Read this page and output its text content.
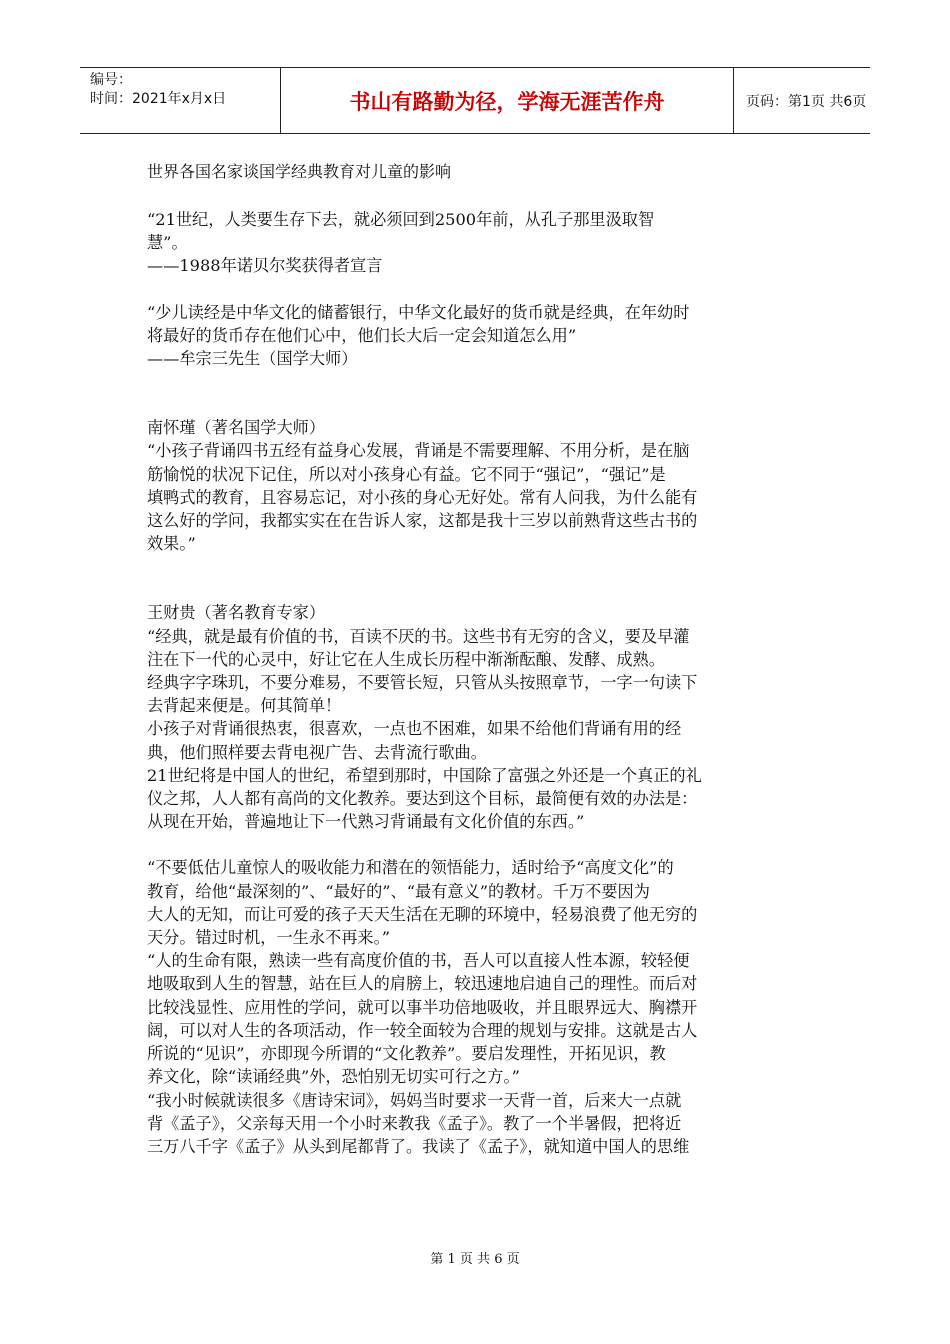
编号：
时间：2021年x月x日	书山有路勤为径，学海无涯苦作舟	页码：第1页 共6页

世界各国名家谈国学经典教育对儿童的影响

“21世纪，人类要生存下去，就必须回到2500年前，从孔子那里汲取智

慧”。

——1988年诺贝尔奖获得者宣言

“少儿读经是中华文化的储蓄银行，中华文化最好的货币就是经典，在年幼时

将最好的货币存在他们心中，他们长大后一定会知道怎么用”

——牟宗三先生（国学大师）

南怀瑾（著名国学大师）

“小孩子背诵四书五经有益身心发展，背诵是不需要理解、不用分析，是在脑

筋愉悦的状况下记住，所以对小孩身心有益。它不同于“强记”，“强记”是

填鸭式的教育，且容易忘记，对小孩的身心无好处。常有人问我，为什么能有

这么好的学问，我都实实在在告诉人家，这都是我十三岁以前熟背这些古书的

效果。”

王财贵（著名教育专家）

“经典，就是最有价值的书，百读不厌的书。这些书有无穷的含义，要及早灌

注在下一代的心灵中，好让它在人生成长历程中渐渐酝酿、发酵、成熟。

经典字字珠玑，不要分难易，不要管长短，只管从头按照章节，一字一句读下

去背起来便是。何其简单！

小孩子对背诵很热衷，很喜欢，一点也不困难，如果不给他们背诵有用的经

典，他们照样要去背电视广告、去背流行歌曲。

21世纪将是中国人的世纪，希望到那时，中国除了富强之外还是一个真正的礼

仪之邦，人人都有高尚的文化教养。要达到这个目标，最简便有效的办法是：

从现在开始，普遍地让下一代熟习背诵最有文化价值的东西。”

“不要低估儿童惊人的吸收能力和潜在的领悟能力，适时给予“高度文化”的

教育，给他“最深刻的”、“最好的”、“最有意义”的教材。千万不要因为

大人的无知，而让可爱的孩子天天生活在无聊的环境中，轻易浪费了他无穷的

天分。错过时机，一生永不再来。”

“人的生命有限，熟读一些有高度价值的书，吾人可以直接人性本源，较轻便

地吸取到人生的智慧，站在巨人的肩膀上，较迅速地启迪自己的理性。而后对

比较浅显性、应用性的学问，就可以事半功倍地吸收，并且眼界远大、胸襟开

阔，可以对人生的各项活动，作一较全面较为合理的规划与安排。这就是古人

所说的“见识”，亦即现今所谓的“文化教养”。要启发理性，开拓见识，教

养文化，除“读诵经典”外，恐怕别无切实可行之方。”

“我小时候就读很多《唐诗宋词》，妈妈当时要求一天背一首，后来大一点就

背《孟子》，父亲每天用一个小时来教我《孟子》。教了一个半暑假，把将近

三万八千字《孟子》从头到尾都背了。我读了《孟子》，就知道中国人的思维

第 1 页 共 6 页
